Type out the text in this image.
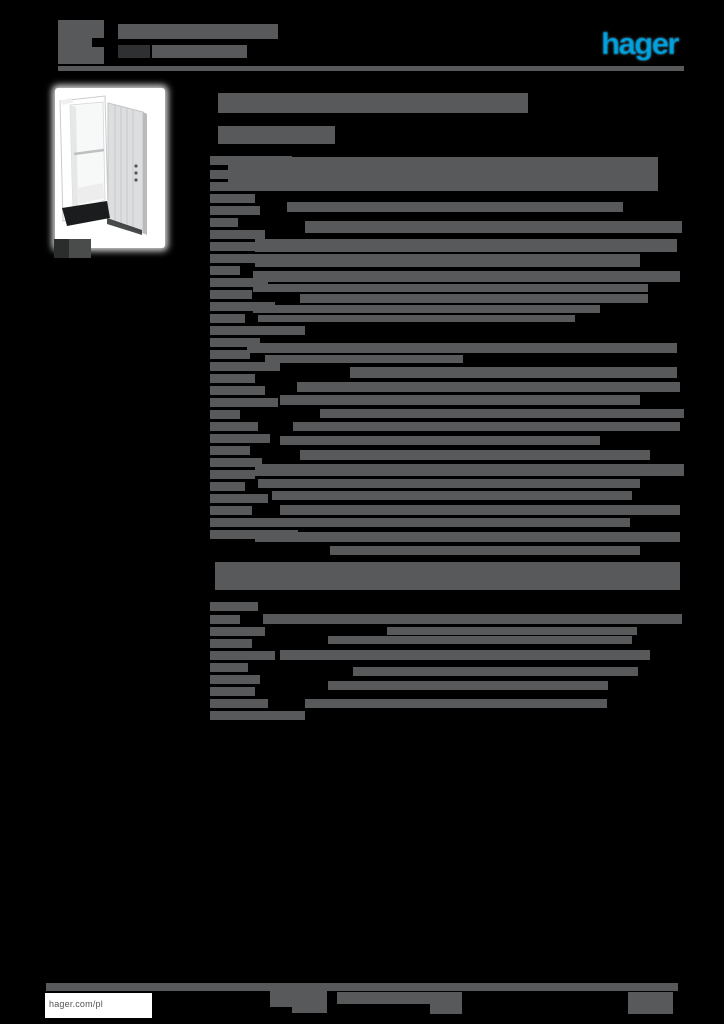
hager
hager.com/pl
